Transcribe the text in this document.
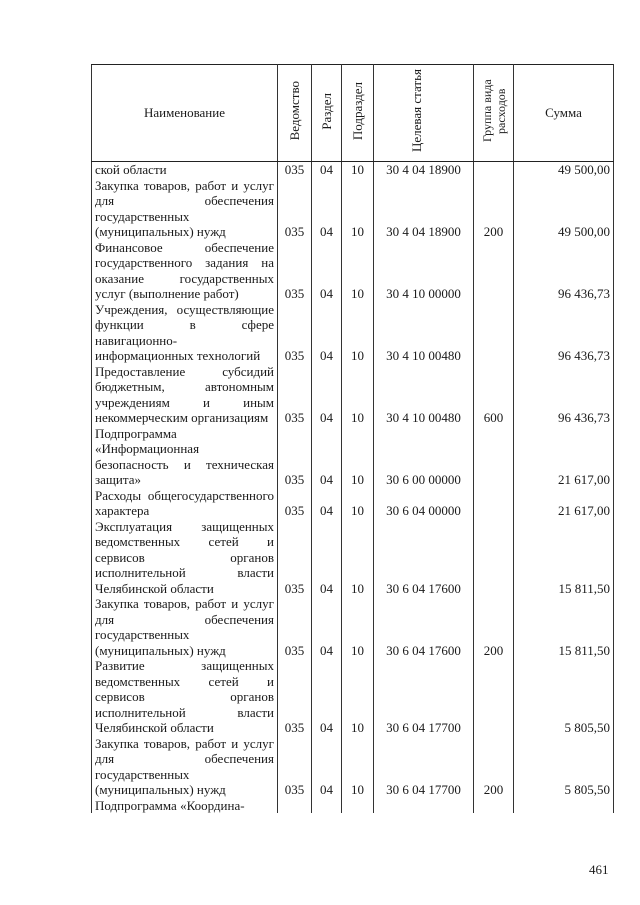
Наименование	Ведомство	Раздел	Подраздел	Целевая статья	Группа вида расходов	Сумма
ской области	035	04	10	30 4 04 18900		49 500,00
Закупка товаров, работ и услуг для обеспечения государственных (муниципальных) нужд	035	04	10	30 4 04 18900	200	49 500,00
Финансовое обеспечение государственного задания на оказание государственных услуг (выполнение работ)	035	04	10	30 4 10 00000		96 436,73
Учреждения, осуществляющие функции в сфере навигационно-информационных технологий	035	04	10	30 4 10 00480		96 436,73
Предоставление субсидий бюджетным, автономным учреждениям и иным некоммерческим организациям	035	04	10	30 4 10 00480	600	96 436,73
Подпрограмма «Информационная безопасность и техническая защита»	035	04	10	30 6 00 00000		21 617,00
Расходы общегосударственного характера	035	04	10	30 6 04 00000		21 617,00
Эксплуатация защищенных ведомственных сетей и сервисов органов исполнительной власти Челябинской области	035	04	10	30 6 04 17600		15 811,50
Закупка товаров, работ и услуг для обеспечения государственных (муниципальных) нужд	035	04	10	30 6 04 17600	200	15 811,50
Развитие защищенных ведомственных сетей и сервисов органов исполнительной власти Челябинской области	035	04	10	30 6 04 17700		5 805,50
Закупка товаров, работ и услуг для обеспечения государственных (муниципальных) нужд	035	04	10	30 6 04 17700	200	5 805,50
Подпрограмма «Координа-						
461
